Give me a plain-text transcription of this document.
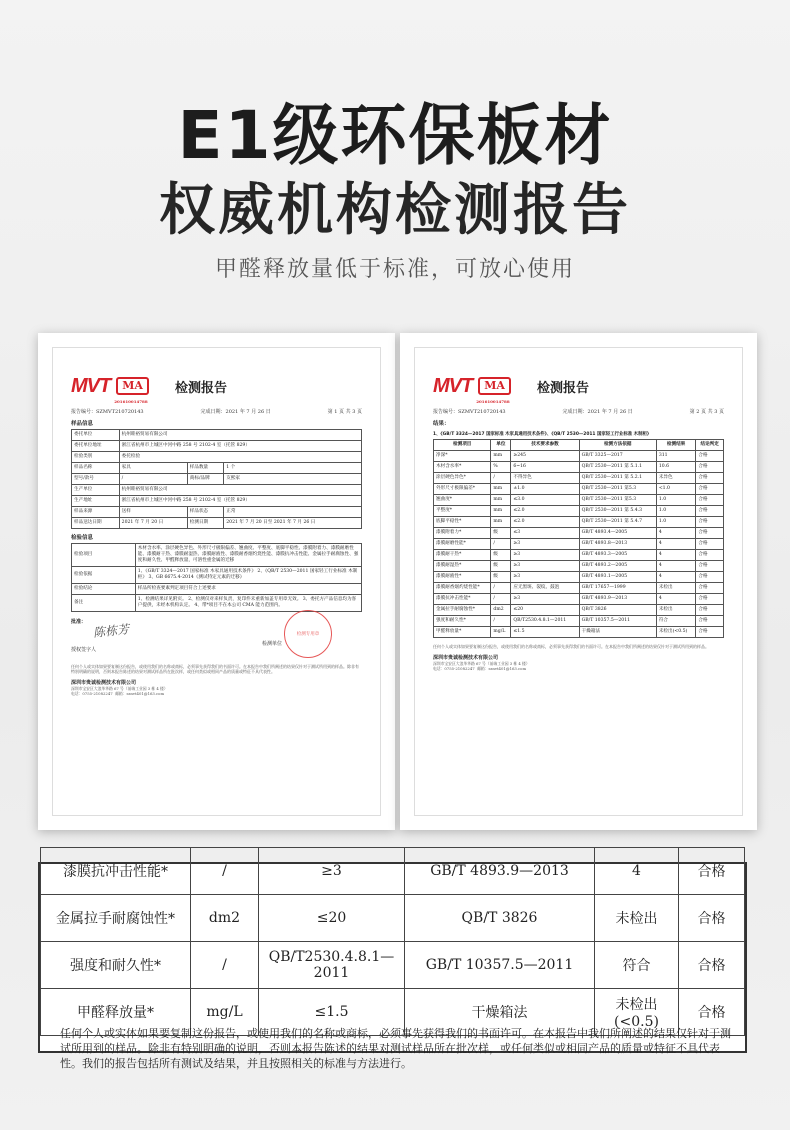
E1级环保板材
权威机构检测报告
甲醛释放量低于标准，可放心使用
MVT	MA
201610014788
检测报告
报告编号：SZMVT210720143	完成日期：2021 年 7 月 26 日	第 1 页 共 3 页
样品信息
委托单位	杭州睦裕贸易有限公司		
委托单位地址	浙江省杭州市上城区中河中路 258 号 2102-4 室（托管 829）		
检验类别	委托检验		
样品名称	家具	样品数量	1 个
型号/款号	/	商标/品牌	友熙家
生产单位	杭州睦裕贸易有限公司		
生产地址	浙江省杭州市上城区中河中路 258 号 2102-4 室（托管 829）		
样品来源	送样	样品状态	正常
样品送达日期	2021 年 7 月 20 日	检测日期	2021 年 7 月 20 日至 2021 年 7 月 26 日
检验信息
检验项目	木材含水率、涂层硬色异色、外形尺寸极限偏差、翘曲度、平整度、底脚平稳性、漆膜附着力、漆膜耐磨性能、漆膜耐干热、漆膜耐湿热、漆膜耐液性、漆膜耐香烟灼烧性能、漆膜抗冲击性能、金属拉手耐腐蚀性、强度和耐久性、甲醛释放量，可溶性重金属的迁移
检验依据	1、《GB/T 3324—2017 国家标准 木家具通用技术条件》 2、《QB/T 2530—2011 国家轻工行业标准 木制柜》 3、GB 6675.4-2014《测试特定元素的迁移》
检验结论	样品所检查要素判定项目符合上述要求
备注	1、检测结果详见附页。 2、检测仅对来样负责，复印件未重新加盖专用章无效。 3、委托方产品信息均为客户提供，未经本机构认定。 4、带*项目不在本公司 CMA 能力范围内。
批准：
陈栋芳
授权签字人
检测单位
检测专用章
任何个人或实体如果要复制这份报告，或使用我们的名称或商标，必须事先获得我们的书面许可。在本报告中我们所阐述的结果仅针对于测试所用到的样品。除非有特别明确的说明，否则本报告陈述的结果对测试样品所在批次样，或任何类似或相同产品的质量或特征不具代表性。
深圳市贵诚检测技术有限公司
深圳市宝安区大浪华华路 67 号（前端工业园 3 栋 4 楼）
电话：0755-21082247 邮箱：sznvt401@163.com
MVT	MA
201610014788
检测报告
报告编号：SZMVT210720143	完成日期：2021 年 7 月 26 日	第 2 页 共 3 页
结果：
1、《GB/T 3324—2017 国家标准 木家具通用技术条件》、《QB/T 2530—2011 国家轻工行业标准 木制柜》
检测项目	单位	技术要求参数	检测方法依据	检测结果	结论判定
净深*	mm	≥245	GB/T 3325—2017	311	合格
木材含水率*	%	6~16	QB/T 2530—2011 第 5.1.1	10.6	合格
涂层硬色异色*	/	不得异色	QB/T 2530—2011 第 5.2.1	未异色	合格
外形尺寸极限偏差*	mm	±1.0	QB/T 2530—2011 第5.3	<1.0	合格
翘曲度*	mm	≤3.0	QB/T 2530—2011 第5.3	1.0	合格
平整度*	mm	≤2.0	QB/T 2530—2011 第 5.4.3	1.0	合格
底脚平稳性*	mm	≤2.0	QB/T 2530—2011 第 5.4.7	1.0	合格
漆膜附着力*	级	≤3	GB/T 4893.4—2005	4	合格
漆膜耐磨性能*	/	≥3	GB/T 4893.8—2013	4	合格
漆膜耐干热*	级	≥3	GB/T 4893.3—2005	4	合格
漆膜耐湿热*	级	≥3	GB/T 4893.2—2005	4	合格
漆膜耐液性*	级	≥3	GB/T 4893.1—2005	4	合格
漆膜耐香烟灼烧性能*	/	应无黑斑、裂纹、鼓泡	GB/T 17657—1999	未检出	合格
漆膜抗冲击性能*	/	≥3	GB/T 4893.9—2013	4	合格
金属拉手耐腐蚀性*	dm2	≤20	QB/T 3826	未检出	合格
强度和耐久性*	/	QB/T2530.4.8.1—2011	GB/T 10357.5—2011	符合	合格
甲醛释放量*	mg/L	≤1.5	干燥箱法	未检出(<0.5)	合格
任何个人或实体如果要复制这份报告，或使用我们的名称或商标，必须事先获得我们的书面许可。在本报告中我们所阐述的结果仅针对于测试所用到的样品。
深圳市贵诚检测技术有限公司
深圳市宝安区大浪华华路 67 号（前端工业园 3 栋 4 楼）
电话：0755-21082247 邮箱：sznvt401@163.com
漆膜抗冲击性能*	/	≥3	GB/T 4893.9—2013	4	合格
金属拉手耐腐蚀性*	dm2	≤20	QB/T 3826	未检出	合格
强度和耐久性*	/	QB/T2530.4.8.1—2011	GB/T 10357.5—2011	符合	合格
甲醛释放量*	mg/L	≤1.5	干燥箱法	未检出(<0.5)	合格
任何个人或实体如果要复制这份报告，或使用我们的名称或商标，必须事先获得我们的书面许可。在本报告中我们所阐述的结果仅针对于测试所用到的样品。除非有特别明确的说明，否则本报告陈述的结果对测试样品所在批次样，或任何类似或相同产品的质量或特征不具代表性。我们的报告包括所有测试及结果，并且按照相关的标准与方法进行。
